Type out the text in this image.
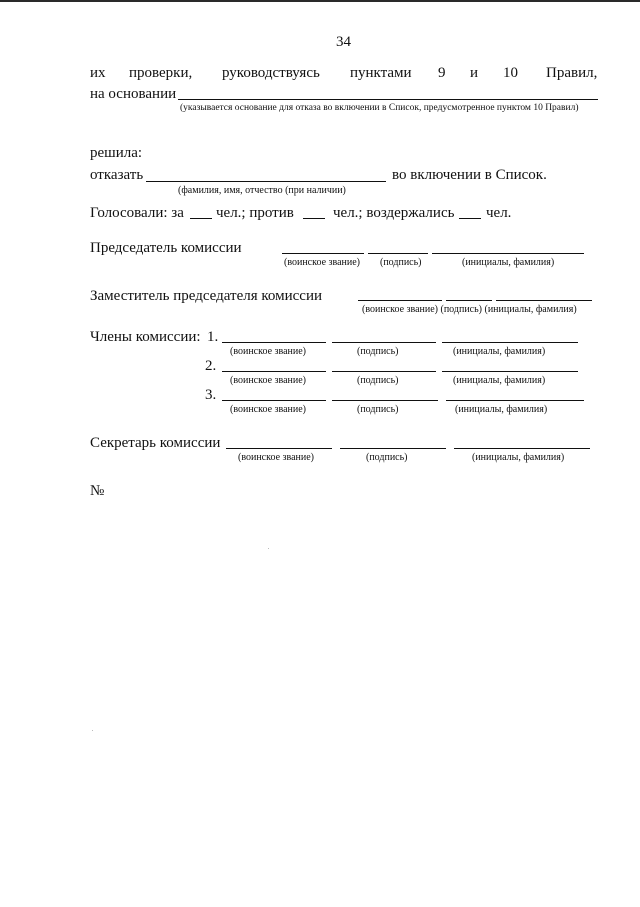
34
их проверки, руководствуясь пунктами 9 и 10 Правил,
на основании
(указывается основание для отказа во включении в Список, предусмотренное пунктом 10 Правил)
решила:
отказать	во включении в Список.
(фамилия, имя, отчество (при наличии)
Голосовали: за чел.; против	чел.; воздержались чел.
Председатель комиссии
(воинское звание) (подпись)	(инициалы, фамилия)
Заместитель председателя комиссии
(воинское звание) (подпись) (инициалы, фамилия)
Члены комиссии: 1.
(воинское звание)	(подпись)	(инициалы, фамилия)
2.
(воинское звание)	(подпись)	(инициалы, фамилия)
3.
(воинское звание)	(подпись)	(инициалы, фамилия)
Секретарь комиссии
(воинское звание)	(подпись)	(инициалы, фамилия)
№
